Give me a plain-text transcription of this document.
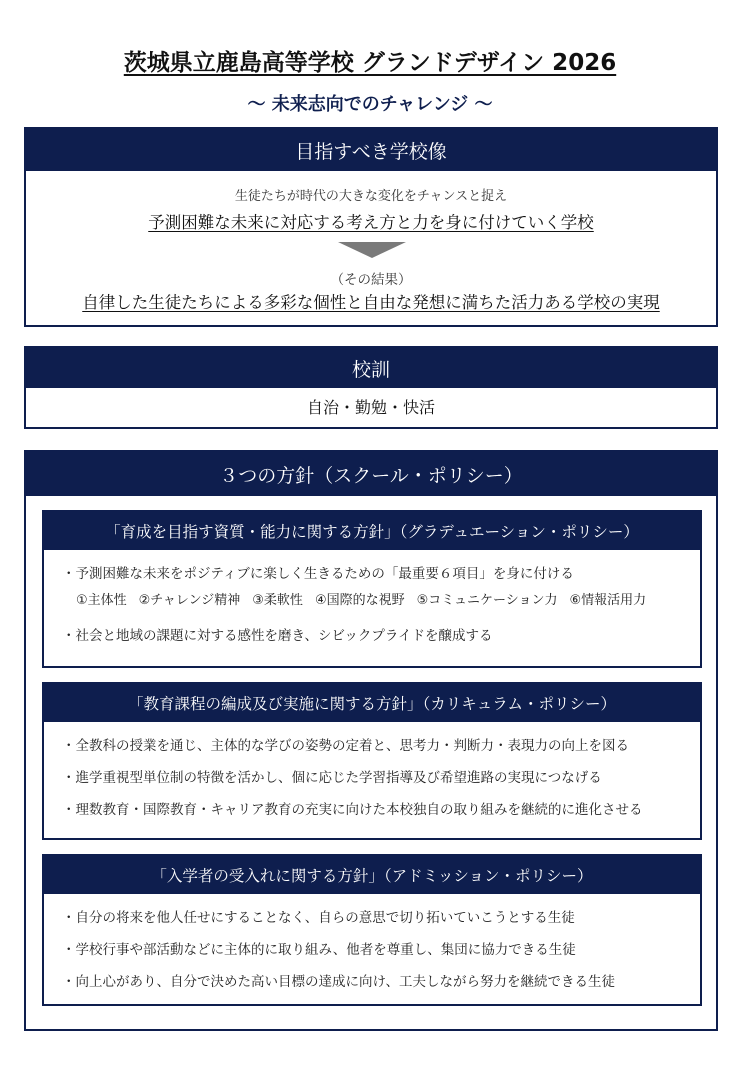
茨城県立鹿島高等学校 グランドデザイン 2026
〜 未来志向でのチャレンジ 〜
目指すべき学校像
生徒たちが時代の大きな変化をチャンスと捉え
予測困難な未来に対応する考え方と力を身に付けていく学校
（その結果）
自律した生徒たちによる多彩な個性と自由な発想に満ちた活力ある学校の実現
校訓
自治・勤勉・快活
３つの方針（スクール・ポリシー）
「育成を目指す資質・能力に関する方針」（グラデュエーション・ポリシー）
・予測困難な未来をポジティブに楽しく生きるための「最重要６項目」を身に付ける
①主体性 ②チャレンジ精神 ③柔軟性 ④国際的な視野 ⑤コミュニケーション力 ⑥情報活用力
・社会と地域の課題に対する感性を磨き、シビックプライドを醸成する
「教育課程の編成及び実施に関する方針」（カリキュラム・ポリシー）
・全教科の授業を通じ、主体的な学びの姿勢の定着と、思考力・判断力・表現力の向上を図る
・進学重視型単位制の特徴を活かし、個に応じた学習指導及び希望進路の実現につなげる
・理数教育・国際教育・キャリア教育の充実に向けた本校独自の取り組みを継続的に進化させる
「入学者の受入れに関する方針」（アドミッション・ポリシー）
・自分の将来を他人任せにすることなく、自らの意思で切り拓いていこうとする生徒
・学校行事や部活動などに主体的に取り組み、他者を尊重し、集団に協力できる生徒
・向上心があり、自分で決めた高い目標の達成に向け、工夫しながら努力を継続できる生徒
